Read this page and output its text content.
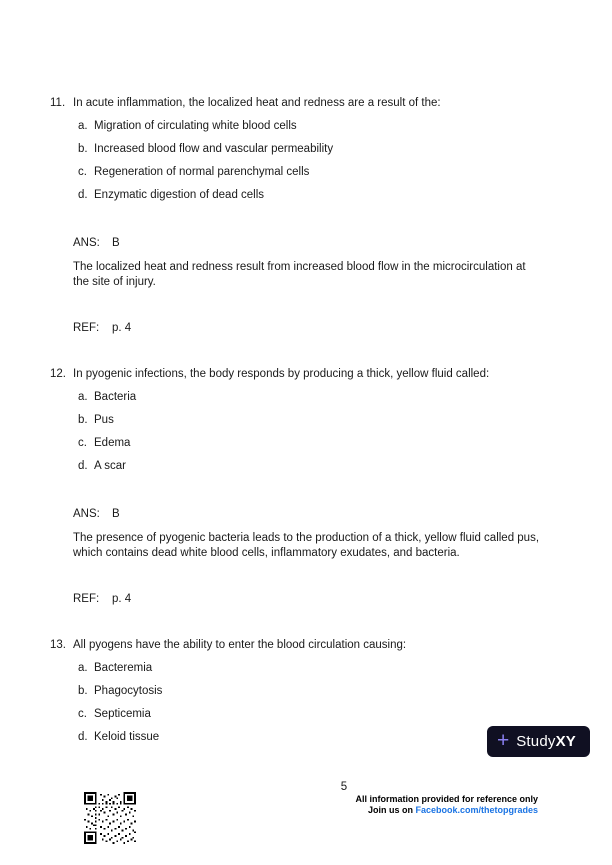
11. In acute inflammation, the localized heat and redness are a result of the:
a. Migration of circulating white blood cells
b. Increased blood flow and vascular permeability
c. Regeneration of normal parenchymal cells
d. Enzymatic digestion of dead cells
ANS:	B

The localized heat and redness result from increased blood flow in the microcirculation at the site of injury.

REF:	p. 4
12. In pyogenic infections, the body responds by producing a thick, yellow fluid called:
a. Bacteria
b. Pus
c. Edema
d. A scar
ANS:	B

The presence of pyogenic bacteria leads to the production of a thick, yellow fluid called pus, which contains dead white blood cells, inflammatory exudates, and bacteria.

REF:	p. 4
13. All pyogens have the ability to enter the blood circulation causing:
a. Bacteremia
b. Phagocytosis
c. Septicemia
d. Keloid tissue	+ StudyXY
5
All information provided for reference only
Join us on Facebook.com/thetopgrades
